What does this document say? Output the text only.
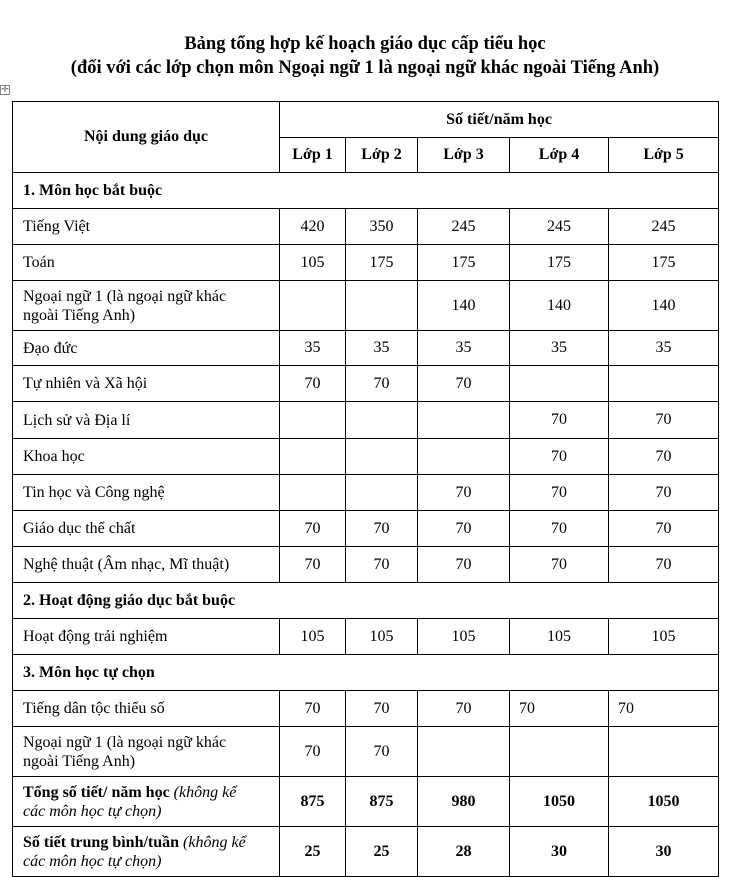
Bảng tổng hợp kế hoạch giáo dục cấp tiểu học
(đối với các lớp chọn môn Ngoại ngữ 1 là ngoại ngữ khác ngoài Tiếng Anh)
✛
Nội dung giáo dục	Số tiết/năm học				
	Lớp 1	Lớp 2	Lớp 3	Lớp 4	Lớp 5
1. Môn học bắt buộc					
Tiếng Việt	420	350	245	245	245
Toán	105	175	175	175	175
Ngoại ngữ 1 (là ngoại ngữ khác
ngoài Tiếng Anh)			140	140	140
Đạo đức	35	35	35	35	35
Tự nhiên và Xã hội	70	70	70		
Lịch sử và Địa lí				70	70
Khoa học				70	70
Tin học và Công nghệ			70	70	70
Giáo dục thể chất	70	70	70	70	70
Nghệ thuật (Âm nhạc, Mĩ thuật)	70	70	70	70	70
2. Hoạt động giáo dục bắt buộc					
Hoạt động trải nghiệm	105	105	105	105	105
3. Môn học tự chọn					
Tiếng dân tộc thiểu số	70	70	70	70	70
Ngoại ngữ 1 (là ngoại ngữ khác
ngoài Tiếng Anh)	70	70			
Tổng số tiết/ năm học (không kể
các môn học tự chọn)	875	875	980	1050	1050
Số tiết trung bình/tuần (không kể
các môn học tự chọn)	25	25	28	30	30
